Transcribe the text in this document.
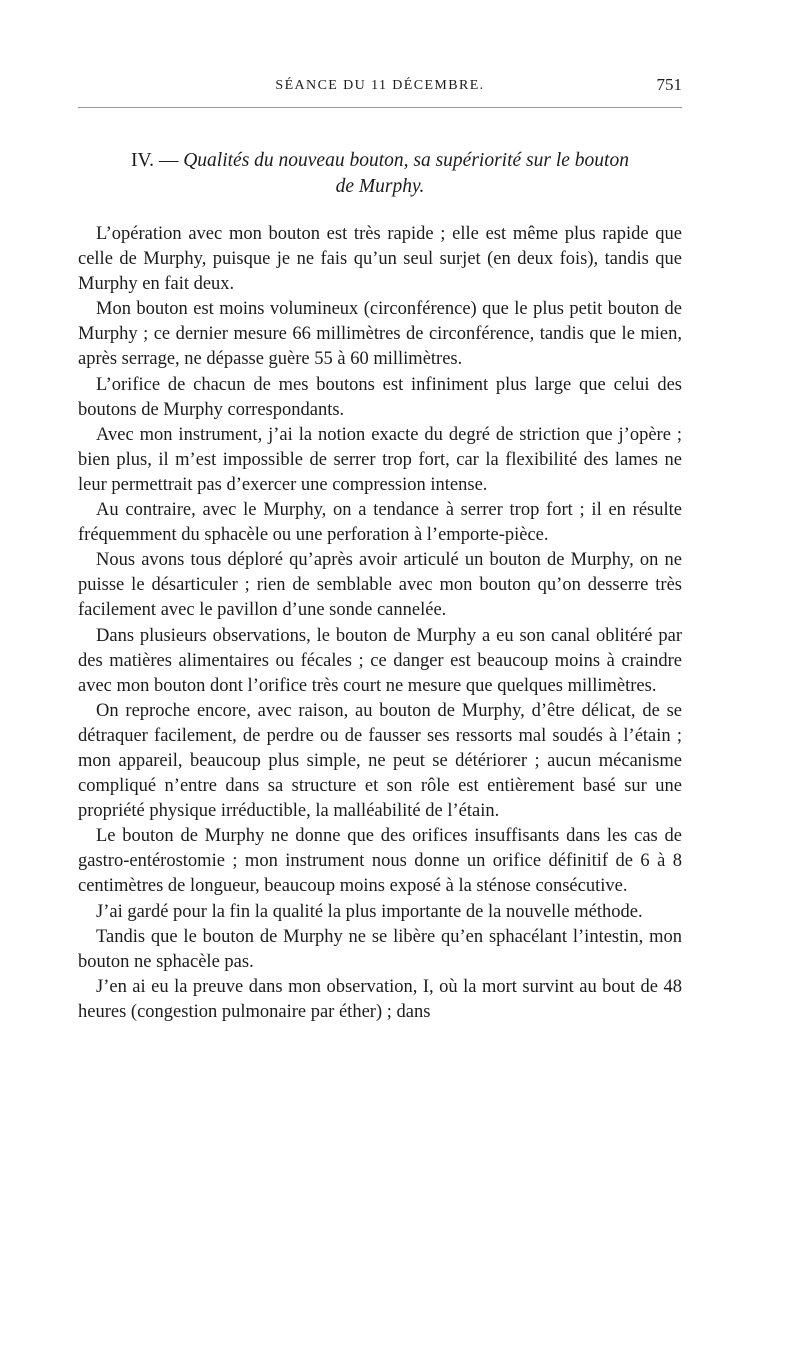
SÉANCE DU 11 DÉCEMBRE.	751
IV. — Qualités du nouveau bouton, sa supériorité sur le bouton
de Murphy.

L’opération avec mon bouton est très rapide ; elle est même plus rapide que celle de Murphy, puisque je ne fais qu’un seul surjet (en deux fois), tandis que Murphy en fait deux.

Mon bouton est moins volumineux (circonférence) que le plus petit bouton de Murphy ; ce dernier mesure 66 millimètres de circonférence, tandis que le mien, après serrage, ne dépasse guère 55 à 60 millimètres.

L’orifice de chacun de mes boutons est infiniment plus large que celui des boutons de Murphy correspondants.

Avec mon instrument, j’ai la notion exacte du degré de striction que j’opère ; bien plus, il m’est impossible de serrer trop fort, car la flexibilité des lames ne leur permettrait pas d’exercer une compression intense.

Au contraire, avec le Murphy, on a tendance à serrer trop fort ; il en résulte fréquemment du sphacèle ou une perforation à l’emporte-pièce.

Nous avons tous déploré qu’après avoir articulé un bouton de Murphy, on ne puisse le désarticuler ; rien de semblable avec mon bouton qu’on desserre très facilement avec le pavillon d’une sonde cannelée.

Dans plusieurs observations, le bouton de Murphy a eu son canal oblitéré par des matières alimentaires ou fécales ; ce danger est beaucoup moins à craindre avec mon bouton dont l’orifice très court ne mesure que quelques millimètres.

On reproche encore, avec raison, au bouton de Murphy, d’être délicat, de se détraquer facilement, de perdre ou de fausser ses ressorts mal soudés à l’étain ; mon appareil, beaucoup plus simple, ne peut se détériorer ; aucun mécanisme compliqué n’entre dans sa structure et son rôle est entièrement basé sur une propriété physique irréductible, la malléabilité de l’étain.

Le bouton de Murphy ne donne que des orifices insuffisants dans les cas de gastro-entérostomie ; mon instrument nous donne un orifice définitif de 6 à 8 centimètres de longueur, beaucoup moins exposé à la sténose consécutive.

J’ai gardé pour la fin la qualité la plus importante de la nouvelle méthode.

Tandis que le bouton de Murphy ne se libère qu’en sphacélant l’intestin, mon bouton ne sphacèle pas.

J’en ai eu la preuve dans mon observation, I, où la mort survint au bout de 48 heures (congestion pulmonaire par éther) ; dans
